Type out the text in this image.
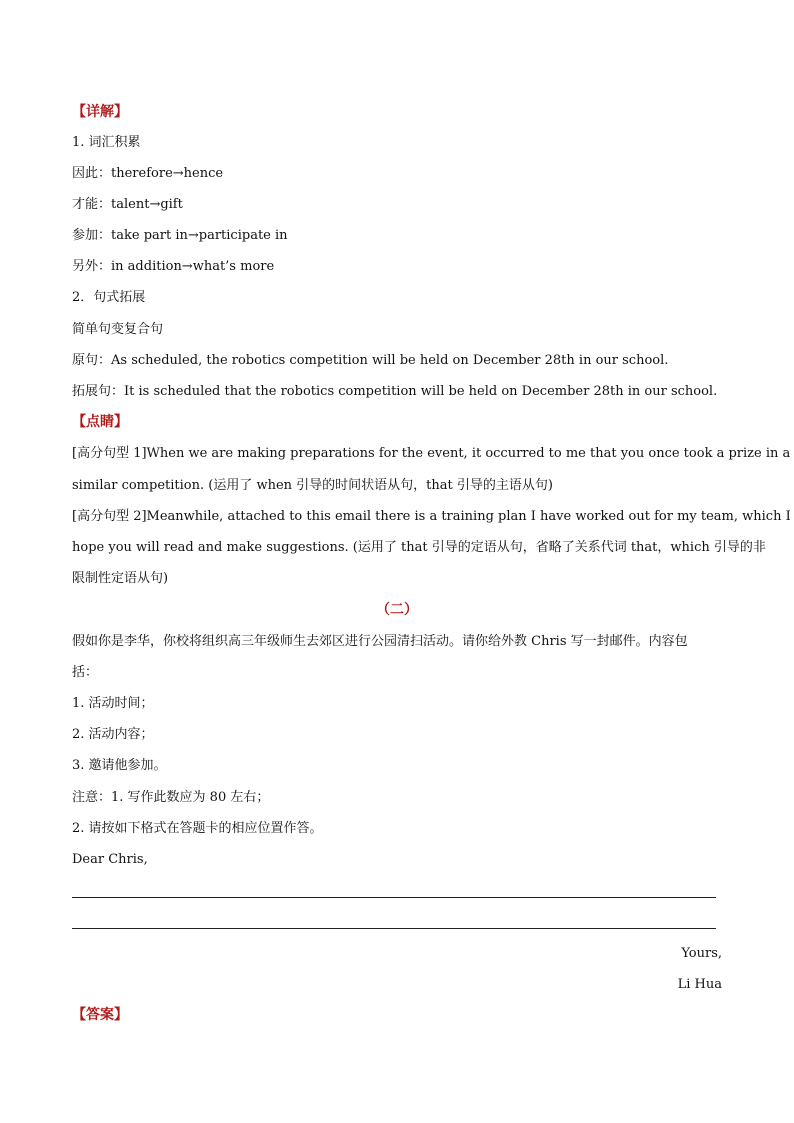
【详解】
1. 词汇积累
因此：therefore→hence
才能：talent→gift
参加：take part in→participate in
另外：in addition→what’s more
2．句式拓展
简单句变复合句
原句：As scheduled, the robotics competition will be held on December 28th in our school.
拓展句：It is scheduled that the robotics competition will be held on December 28th in our school.
【点睛】
[高分句型 1]When we are making preparations for the event, it occurred to me that you once took a prize in a
similar competition. (运用了 when 引导的时间状语从句，that 引导的主语从句)
[高分句型 2]Meanwhile, attached to this email there is a training plan I have worked out for my team, which I
hope you will read and make suggestions. (运用了 that 引导的定语从句，省略了关系代词 that，which 引导的非
限制性定语从句)
（二）
假如你是李华，你校将组织高三年级师生去郊区进行公园清扫活动。请你给外教 Chris 写一封邮件。内容包
括：
1. 活动时间；
2. 活动内容；
3. 邀请他参加。
注意：1. 写作此数应为 80 左右；
2. 请按如下格式在答题卡的相应位置作答。
Dear Chris,
Yours,
Li Hua
【答案】
